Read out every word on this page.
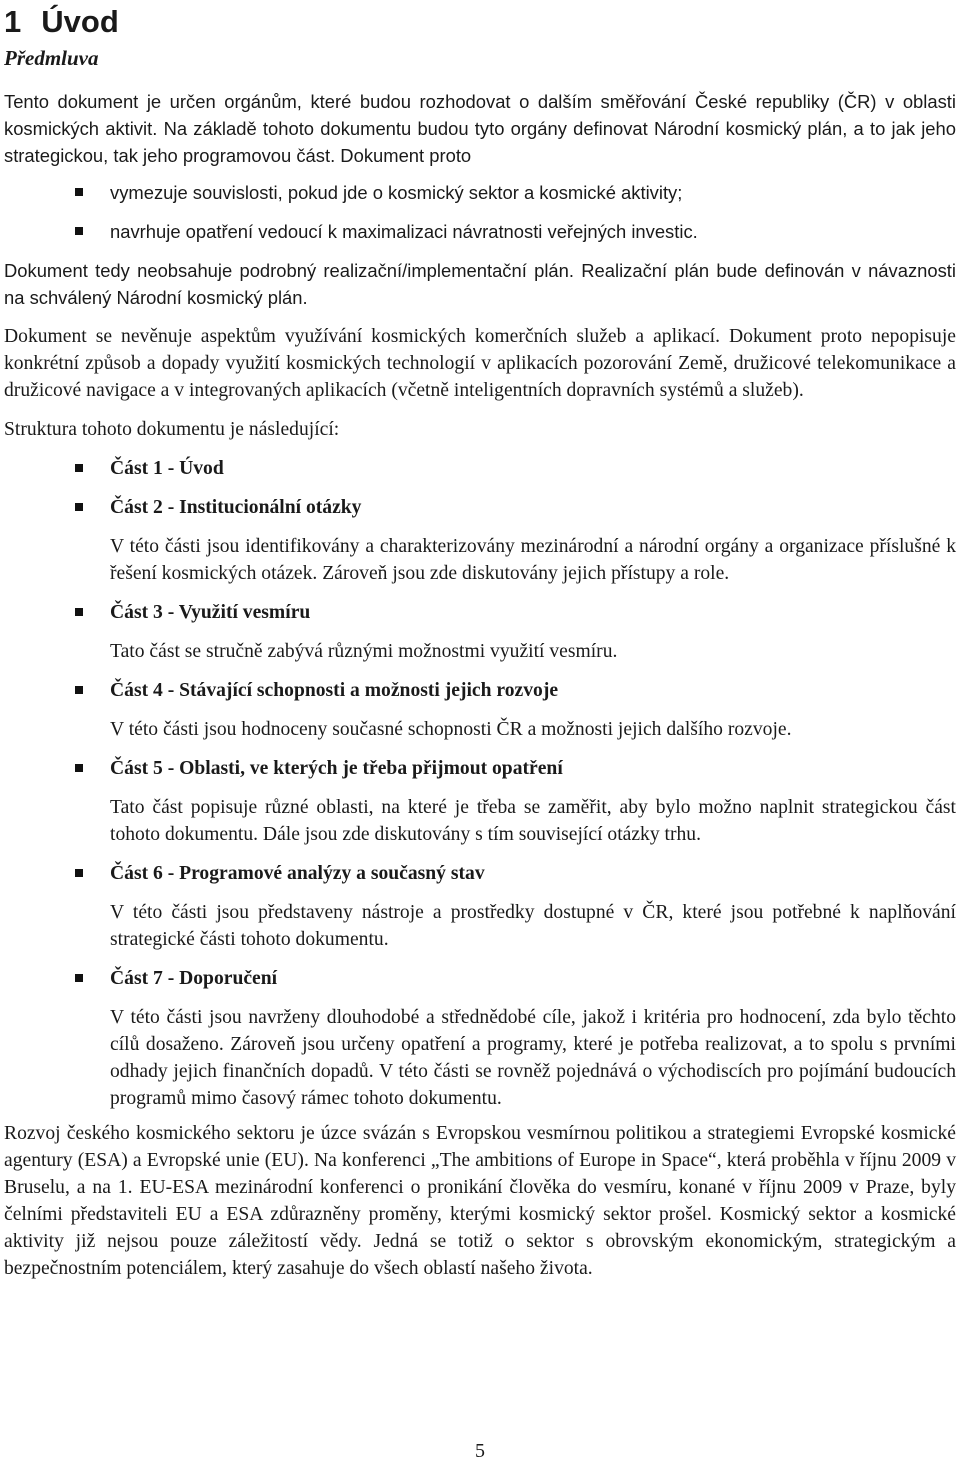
1 Úvod
Předmluva

Tento dokument je určen orgánům, které budou rozhodovat o dalším směřování České republiky (ČR) v oblasti kosmických aktivit. Na základě tohoto dokumentu budou tyto orgány definovat Národní kosmický plán, a to jak jeho strategickou, tak jeho programovou část. Dokument proto

vymezuje souvislosti, pokud jde o kosmický sektor a kosmické aktivity;
navrhuje opatření vedoucí k maximalizaci návratnosti veřejných investic.

Dokument tedy neobsahuje podrobný realizační/implementační plán. Realizační plán bude definován v návaznosti na schválený Národní kosmický plán.

Dokument se nevěnuje aspektům využívání kosmických komerčních služeb a aplikací. Dokument proto nepopisuje konkrétní způsob a dopady využití kosmických technologií v aplikacích pozorování Země, družicové telekomunikace a družicové navigace a v integrovaných aplikacích (včetně inteligentních dopravních systémů a služeb).

Struktura tohoto dokumentu je následující:

Část 1 - Úvod
Část 2 - Institucionální otázky
V této části jsou identifikovány a charakterizovány mezinárodní a národní orgány a organizace příslušné k řešení kosmických otázek. Zároveň jsou zde diskutovány jejich přístupy a role.
Část 3 - Využití vesmíru
Tato část se stručně zabývá různými možnostmi využití vesmíru.
Část 4 - Stávající schopnosti a možnosti jejich rozvoje
V této části jsou hodnoceny současné schopnosti ČR a možnosti jejich dalšího rozvoje.
Část 5 - Oblasti, ve kterých je třeba přijmout opatření
Tato část popisuje různé oblasti, na které je třeba se zaměřit, aby bylo možno naplnit strategickou část tohoto dokumentu. Dále jsou zde diskutovány s tím související otázky trhu.
Část 6 - Programové analýzy a současný stav
V této části jsou představeny nástroje a prostředky dostupné v ČR, které jsou potřebné k naplňování strategické části tohoto dokumentu.
Část 7 - Doporučení
V této části jsou navrženy dlouhodobé a střednědobé cíle, jakož i kritéria pro hodnocení, zda bylo těchto cílů dosaženo. Zároveň jsou určeny opatření a programy, které je potřeba realizovat, a to spolu s prvními odhady jejich finančních dopadů. V této části se rovněž pojednává o východiscích pro pojímání budoucích programů mimo časový rámec tohoto dokumentu.

Rozvoj českého kosmického sektoru je úzce svázán s Evropskou vesmírnou politikou a strategiemi Evropské kosmické agentury (ESA) a Evropské unie (EU). Na konferenci „The ambitions of Europe in Space“, která proběhla v říjnu 2009 v Bruselu, a na 1. EU-ESA mezinárodní konferenci o pronikání člověka do vesmíru, konané v říjnu 2009 v Praze, byly čelními představiteli EU a ESA zdůrazněny proměny, kterými kosmický sektor prošel. Kosmický sektor a kosmické aktivity již nejsou pouze záležitostí vědy. Jedná se totiž o sektor s obrovským ekonomickým, strategickým a bezpečnostním potenciálem, který zasahuje do všech oblastí našeho života.

5
